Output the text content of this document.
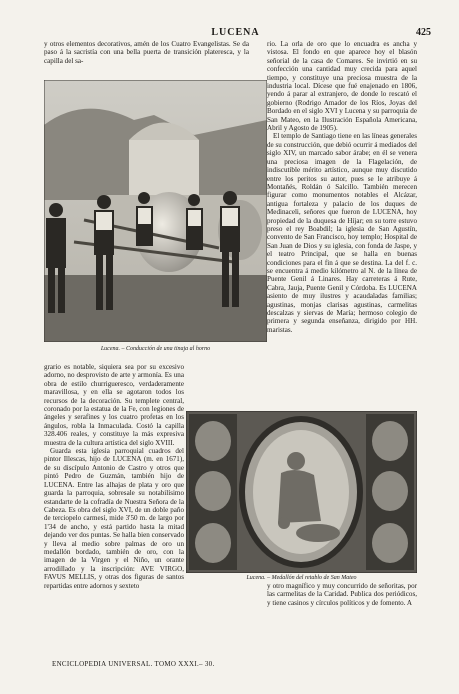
LUCENA	425

y otros elementos decorativos, amén de los Cuatro Evangelistas. Se da paso á la sacristía con una bella puerta de transición plateresca, y la capilla del sa-

rio. La orla de oro que lo encuadra es ancha y vistosa. El fondo en que aparece hoy el blasón señorial de la casa de Comares. Se invirtió en su confección una cantidad muy crecida para aquel tiempo, y constituye una preciosa muestra de la industria local. Dícese que fué enajenado en 1806, yendo á parar al extranjero, de donde lo rescató el gobierno (Rodrigo Amador de los Ríos, Joyas del Bordado en el siglo XVI y Lucena y su parroquia de San Mateo, en la Ilustración Española Americana, Abril y Agosto de 1905).

El templo de Santiago tiene en las líneas generales de su construcción, que debió ocurrir á mediados del siglo XIV, un marcado sabor árabe; en él se venera una preciosa imagen de la Flagelación, de indiscutible mérito artístico, aunque muy discutido entre los peritos su autor, pues se le atribuye á Montañés, Roldán ó Salcillo. También merecen figurar como monumentos notables el Alcázar, antigua fortaleza y palacio de los duques de Medinaceli, señores que fueron de LUCENA, hoy propiedad de la duquesa de Híjar; en su torre estuvo preso el rey Boabdil; la iglesia de San Agustín, convento de San Francisco, hoy templo; Hospital de San Juan de Dios y su iglesia, con fonda de Jaspe, y el teatro Principal, que se halla en buenas condiciones para el fin á que se destina. La del f. c. se encuentra á medio kilómetro al N. de la línea de Puente Genil á Linares. Hay carreteras á Rute, Cabra, Jauja, Puente Genil y Córdoba. Es LUCENA asiento de muy ilustres y acaudaladas familias; agustinas, monjas clarisas agustinas, carmelitas descalzas y siervas de María; hermoso colegio de primera y segunda enseñanza, dirigido por HH. maristas.

Lucena. – Conducción de una tinaja al horno

grario es notable, siquiera sea por su excesivo adorno, no desprovisto de arte y armonía. Es una obra de estilo churrigueresco, verdaderamente maravillosa, y en ella se agotaron todos los recursos de la decoración. Su templete central, coronado por la estatua de la Fe, con legiones de ángeles y serafines y los cuatro profetas en los ángulos, robla la Inmaculada. Costó la capilla 328.406 reales, y constituye la más expresiva muestra de la cultura artística del siglo XVIII.

Guarda esta iglesia parroquial cuadros del pintor Illescas, hijo de LUCENA (m. en 1671), de su discípulo Antonio de Castro y otros que pintó Pedro de Guzmán, también hijo de LUCENA. Entre las alhajas de plata y oro que guarda la parroquia, sobresale su notabilísimo estandarte de la cofradía de Nuestra Señora de la Cabeza. Es obra del siglo XVI, de un doble paño de terciopelo carmesí, mide 3'50 m. de largo por 1'34 de ancho, y está partido hasta la mitad dejando ver dos puntas. Se halla bien conservado y lleva al medio sobre palmas de oro un medallón bordado, también de oro, con la imagen de la Virgen y el Niño, un orante arrodillado y la inscripción: AVE VIRGO, FAVUS MELLIS, y otras dos figuras de santos repartidas entre adornos y sexteto

Lucena. – Medallón del retablo de San Mateo

y otro magnífico y muy concurrido de señoritas, por las carmelitas de la Caridad. Publica dos periódicos, y tiene casinos y círculos políticos y de fomento. A

ENCICLOPEDIA UNIVERSAL. TOMO XXXI.– 30.
